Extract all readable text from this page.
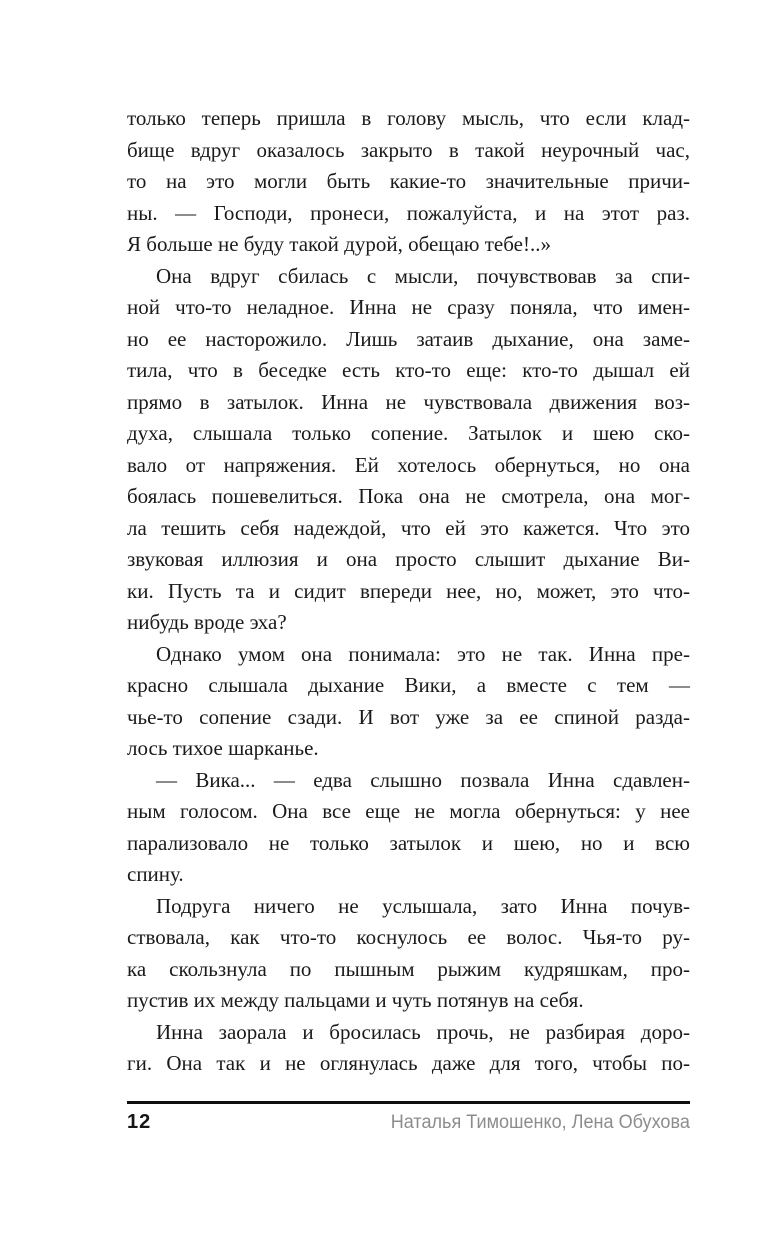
только теперь пришла в голову мысль, что если клад-
бище вдруг оказалось закрыто в такой неурочный час,
то на это могли быть какие-то значительные причи-
ны. — Господи, пронеси, пожалуйста, и на этот раз.
Я больше не буду такой дурой, обещаю тебе!..»
Она вдруг сбилась с мысли, почувствовав за спи-
ной что-то неладное. Инна не сразу поняла, что имен-
но ее насторожило. Лишь затаив дыхание, она заме-
тила, что в беседке есть кто-то еще: кто-то дышал ей
прямо в затылок. Инна не чувствовала движения воз-
духа, слышала только сопение. Затылок и шею ско-
вало от напряжения. Ей хотелось обернуться, но она
боялась пошевелиться. Пока она не смотрела, она мог-
ла тешить себя надеждой, что ей это кажется. Что это
звуковая иллюзия и она просто слышит дыхание Ви-
ки. Пусть та и сидит впереди нее, но, может, это что-
нибудь вроде эха?
Однако умом она понимала: это не так. Инна пре-
красно слышала дыхание Вики, а вместе с тем —
чье-то сопение сзади. И вот уже за ее спиной разда-
лось тихое шарканье.
— Вика... — едва слышно позвала Инна сдавлен-
ным голосом. Она все еще не могла обернуться: у нее
парализовало не только затылок и шею, но и всю
спину.
Подруга ничего не услышала, зато Инна почув-
ствовала, как что-то коснулось ее волос. Чья-то ру-
ка скользнула по пышным рыжим кудряшкам, про-
пустив их между пальцами и чуть потянув на себя.
Инна заорала и бросилась прочь, не разбирая доро-
ги. Она так и не оглянулась даже для того, чтобы по-
12	Наталья Тимошенко, Лена Обухова
